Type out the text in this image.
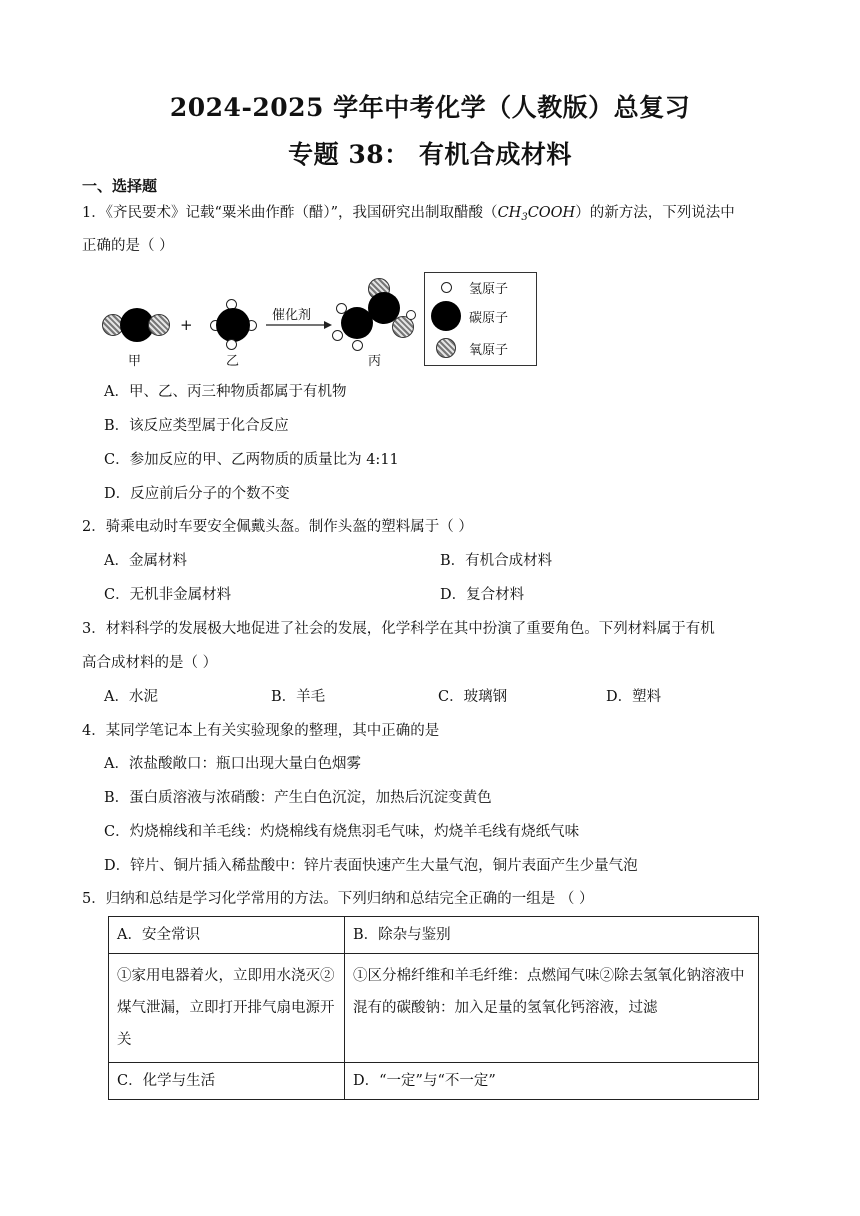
2024-2025 学年中考化学（人教版）总复习
专题 38： 有机合成材料
一、选择题
1．《齐民要术》记载“粟米曲作酢（醋）”，我国研究出制取醋酸$(CH_3COOH)$的新方法，下列说法中
正确的是（ ）
甲
+
乙
催化剂
丙
氢原子
碳原子
氧原子
A．甲、乙、丙三种物质都属于有机物
B．该反应类型属于化合反应
C．参加反应的甲、乙两物质的质量比为 4:11
D．反应前后分子的个数不变
2．骑乘电动时车要安全佩戴头盔。制作头盔的塑料属于（ ）
A．金属材料	B．有机合成材料
C．无机非金属材料	D．复合材料
3．材料科学的发展极大地促进了社会的发展，化学科学在其中扮演了重要角色。下列材料属于有机
高合成材料的是（ ）
A．水泥	B．羊毛	C．玻璃钢	D．塑料
4．某同学笔记本上有关实验现象的整理，其中正确的是
A．浓盐酸敞口：瓶口出现大量白色烟雾
B．蛋白质溶液与浓硝酸：产生白色沉淀，加热后沉淀变黄色
C．灼烧棉线和羊毛线：灼烧棉线有烧焦羽毛气味，灼烧羊毛线有烧纸气味
D．锌片、铜片插入稀盐酸中：锌片表面快速产生大量气泡，铜片表面产生少量气泡
5．归纳和总结是学习化学常用的方法。下列归纳和总结完全正确的一组是 （ ）
A．安全常识	B．除杂与鉴别
①家用电器着火，立即用水浇灭②煤气泄漏，立即打开排气扇电源开关	①区分棉纤维和羊毛纤维：点燃闻气味②除去氢氧化钠溶液中混有的碳酸钠：加入足量的氢氧化钙溶液，过滤
C．化学与生活	D．“一定”与“不一定”
